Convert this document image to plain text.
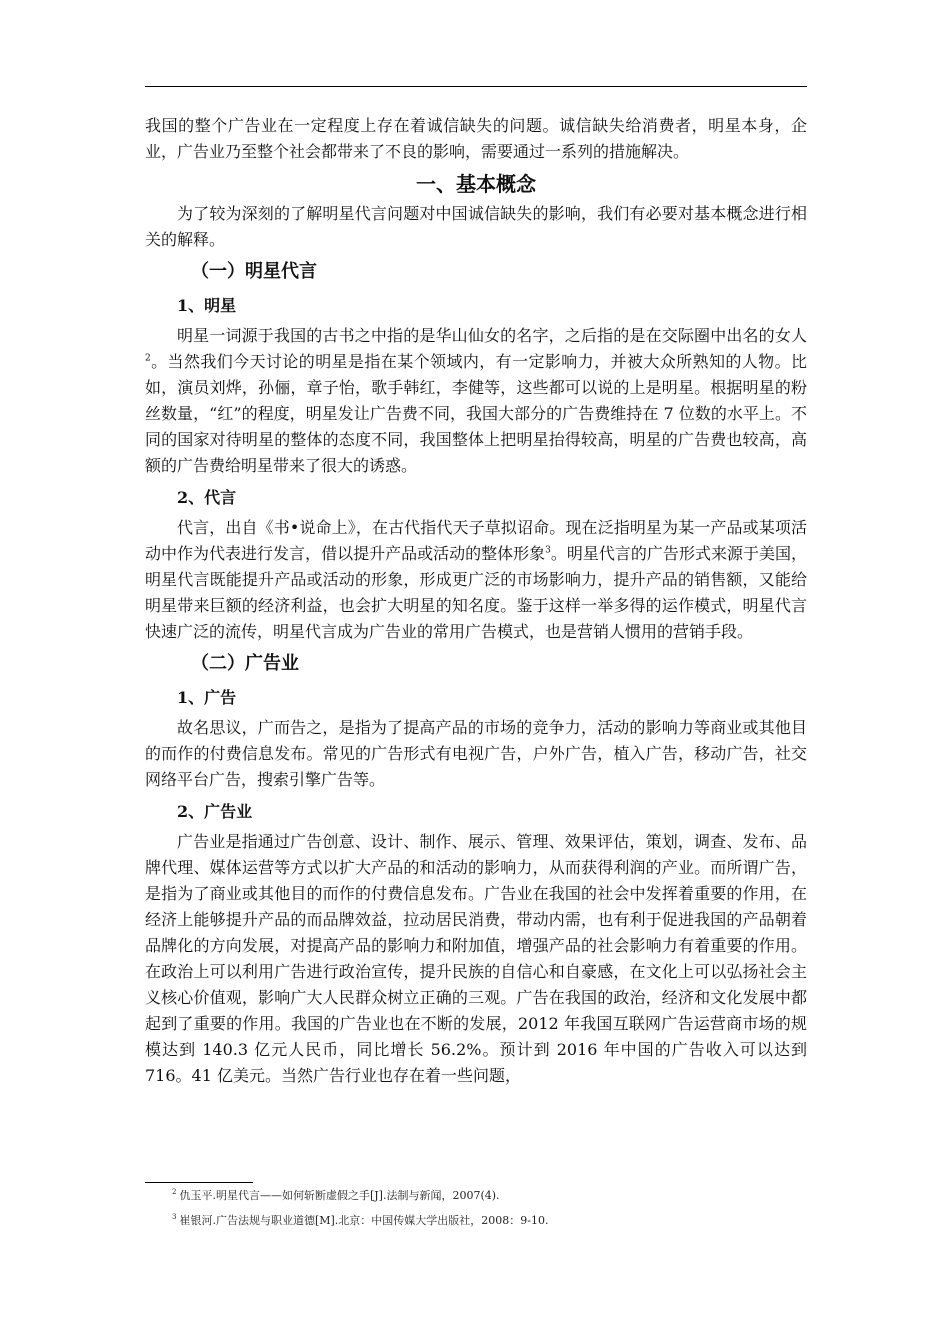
我国的整个广告业在一定程度上存在着诚信缺失的问题。诚信缺失给消费者，明星本身，企业，广告业乃至整个社会都带来了不良的影响，需要通过一系列的措施解决。

一、基本概念

为了较为深刻的了解明星代言问题对中国诚信缺失的影响，我们有必要对基本概念进行相关的解释。

（一）明星代言
1、明星

明星一词源于我国的古书之中指的是华山仙女的名字，之后指的是在交际圈中出名的女人$^2$。当然我们今天讨论的明星是指在某个领域内，有一定影响力，并被大众所熟知的人物。比如，演员刘烨，孙俪，章子怡，歌手韩红，李健等，这些都可以说的上是明星。根据明星的粉丝数量，“红”的程度，明星发让广告费不同，我国大部分的广告费维持在 7 位数的水平上。不同的国家对待明星的整体的态度不同，我国整体上把明星抬得较高，明星的广告费也较高，高额的广告费给明星带来了很大的诱惑。

2、代言

代言，出自《书•说命上》，在古代指代天子草拟诏命。现在泛指明星为某一产品或某项活动中作为代表进行发言，借以提升产品或活动的整体形象$^3$。明星代言的广告形式来源于美国，明星代言既能提升产品或活动的形象，形成更广泛的市场影响力，提升产品的销售额，又能给明星带来巨额的经济利益，也会扩大明星的知名度。鉴于这样一举多得的运作模式，明星代言快速广泛的流传，明星代言成为广告业的常用广告模式，也是营销人惯用的营销手段。

（二）广告业
1、广告

故名思议，广而告之，是指为了提高产品的市场的竞争力，活动的影响力等商业或其他目的而作的付费信息发布。常见的广告形式有电视广告，户外广告，植入广告，移动广告，社交网络平台广告，搜索引擎广告等。

2、广告业

广告业是指通过广告创意、设计、制作、展示、管理、效果评估，策划，调查、发布、品牌代理、媒体运营等方式以扩大产品的和活动的影响力，从而获得利润的产业。而所谓广告，是指为了商业或其他目的而作的付费信息发布。广告业在我国的社会中发挥着重要的作用，在经济上能够提升产品的而品牌效益，拉动居民消费，带动内需，也有利于促进我国的产品朝着品牌化的方向发展，对提高产品的影响力和附加值，增强产品的社会影响力有着重要的作用。在政治上可以利用广告进行政治宣传，提升民族的自信心和自豪感，在文化上可以弘扬社会主义核心价值观，影响广大人民群众树立正确的三观。广告在我国的政治，经济和文化发展中都起到了重要的作用。我国的广告业也在不断的发展，2012 年我国互联网广告运营商市场的规模达到 140.3 亿元人民币，同比增长 56.2%。预计到 2016 年中国的广告收入可以达到 716。41 亿美元。当然广告行业也存在着一些问题，

$^2$ 仇玉平.明星代言——如何斩断虚假之手[J].法制与新闻，2007(4).
$^3$ 崔银河.广告法规与职业道德[M].北京：中国传媒大学出版社，2008：9-10.
